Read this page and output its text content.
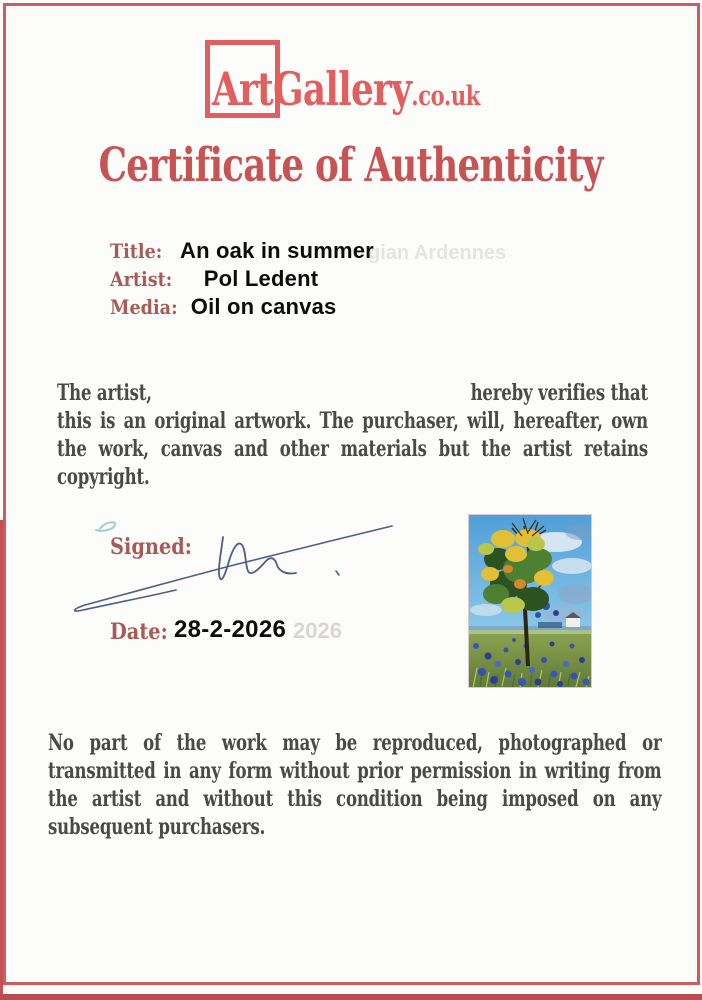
ArtGallery.co.uk
Certificate of Authenticity
Title: An oak in summer
Artist: Pol Ledent
Media: Oil on canvas
gian Ardennes
The artist,	hereby verifies that
this is an original artwork. The purchaser, will, hereafter, own the work, canvas and other materials but the artist retains copyright.
Signed:
Date: 28-2-2026 2026
No part of the work may be reproduced, photographed or transmitted in any form without prior permission in writing from the artist and without this condition being imposed on any subsequent purchasers.
